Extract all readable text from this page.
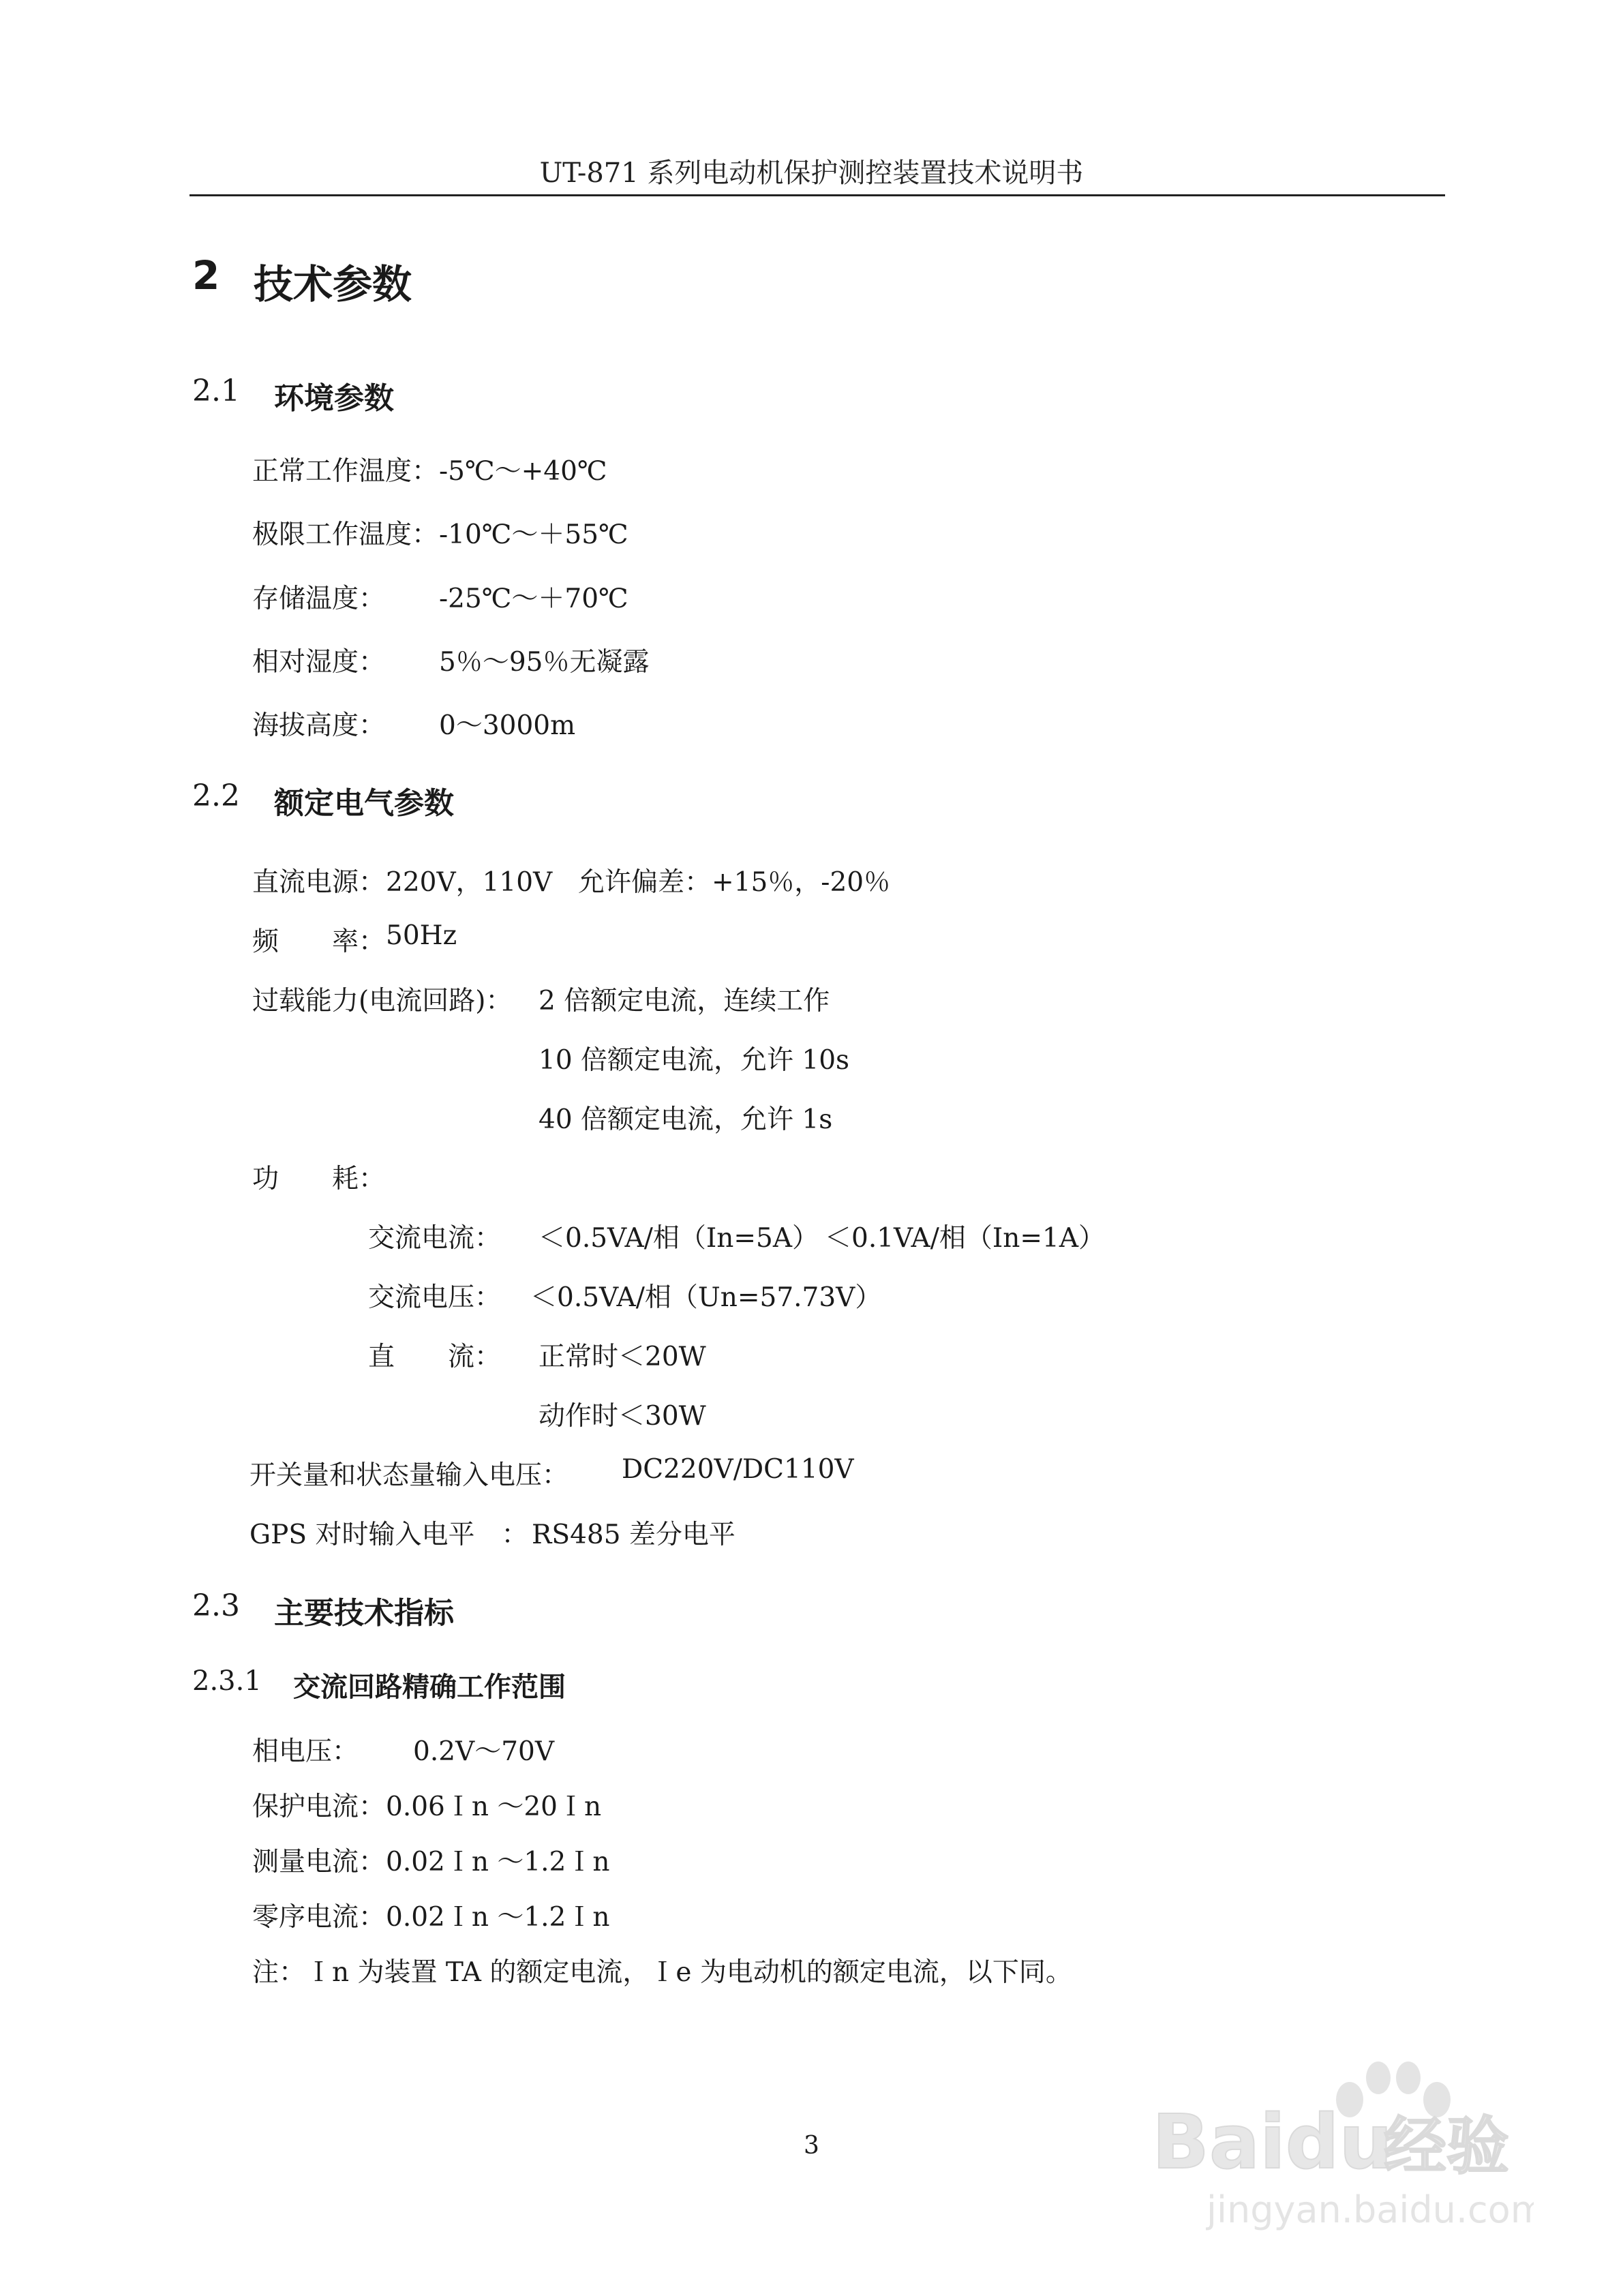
UT-871 系列电动机保护测控装置技术说明书
2 技术参数
2.1 环境参数
正常工作温度： -5℃～+40℃
极限工作温度： -10℃～＋55℃
存储温度： -25℃～＋70℃
相对湿度： 5％～95％无凝露
海拔高度： 0～3000m
2.2 额定电气参数
直流电源： 220V，110V 允许偏差： +15％，-20％
频　　率： 50Hz
过载能力(电流回路)： 2 倍额定电流，连续工作
10 倍额定电流，允许 10s
40 倍额定电流，允许 1s
功　　耗：
交流电流： ＜0.5VA/相（In=5A） ＜0.1VA/相（In=1A）
交流电压： ＜0.5VA/相（Un=57.73V）
直　　流： 正常时＜20W
动作时＜30W
开关量和状态量输入电压： DC220V/DC110V
GPS 对时输入电平　： RS485 差分电平
2.3 主要技术指标
2.3.1 交流回路精确工作范围
相电压： 0.2V～70V
保护电流： 0.06Ｉn ～20Ｉn
测量电流： 0.02Ｉn ～1.2Ｉn
零序电流： 0.02Ｉn ～1.2Ｉn
注：Ｉn 为装置 TA 的额定电流，Ｉe 为电动机的额定电流，以下同。
3	Baidu
经验
jingyan.baidu.com
